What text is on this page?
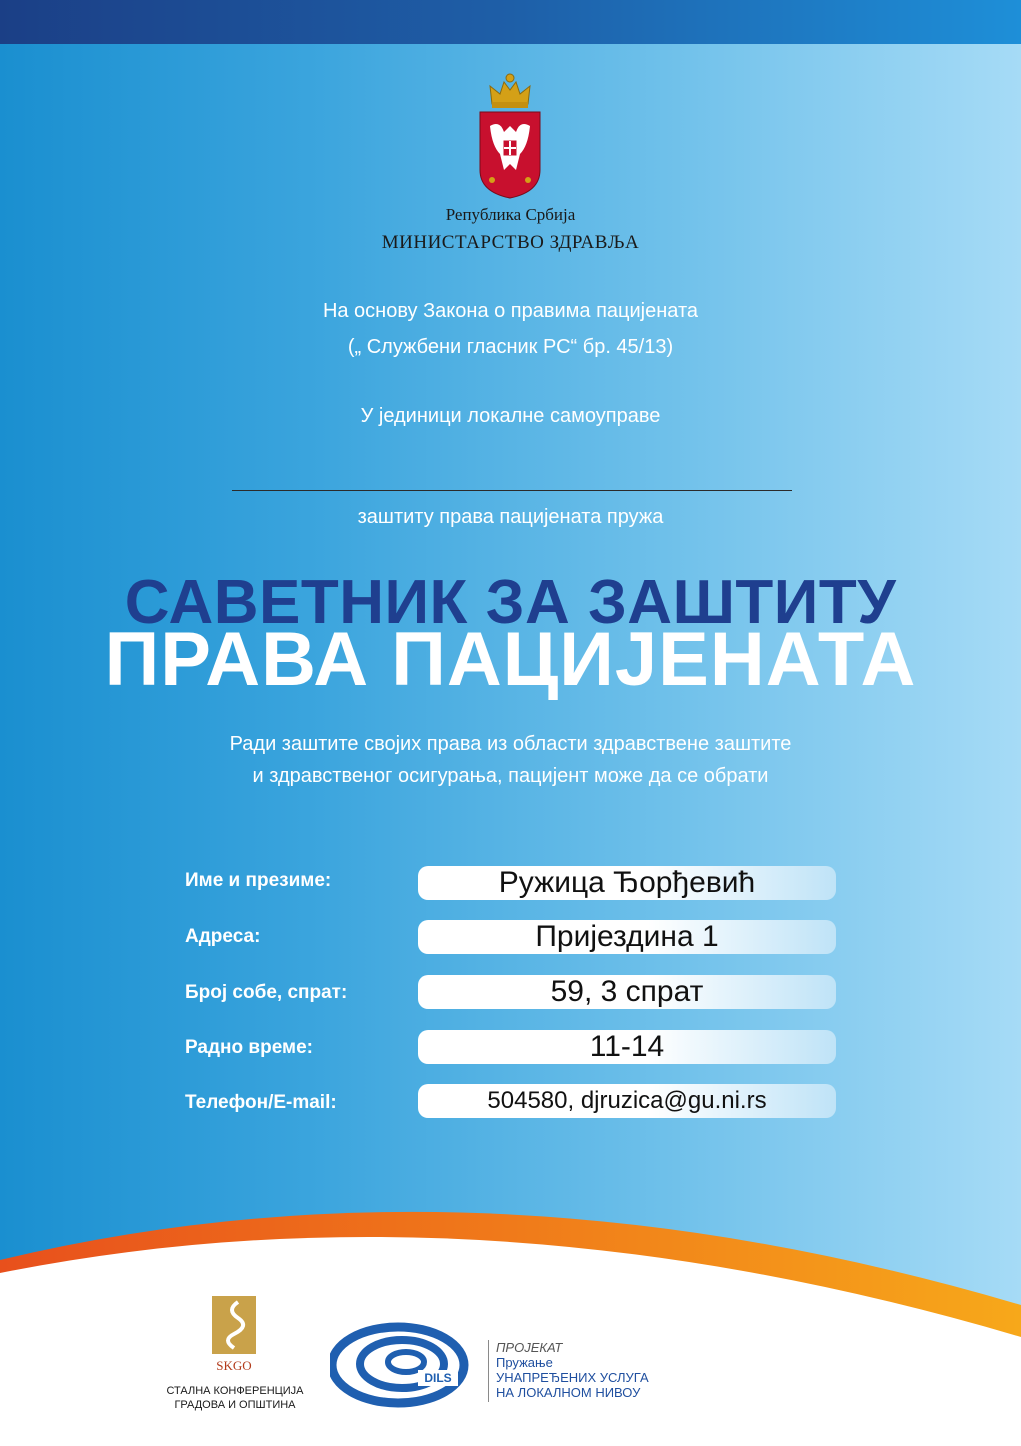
Република Србија
МИНИСТАРСТВО ЗДРАВЉА
На основу Закона о правима пацијената
(„ Службени гласник РС“ бр. 45/13)
У јединици локалне самоуправе
заштиту права пацијената пружа
САВЕТНИК ЗА ЗАШТИТУ
ПРАВА ПАЦИЈЕНАТА
Ради заштите својих права из области здравствене заштите
и здравственог осигурања, пацијент може да се обрати
Име и презиме:	Ружица Ђорђевић
Адреса:	Пријездина 1
Број собе, спрат:	59, 3 спрат
Радно време:	11-14
Телефон/E-mail:	504580, djruzica@gu.ni.rs
SKGO
СТАЛНА КОНФЕРЕНЦИЈА
ГРАДОВА И ОПШТИНА
DILS
ПРОЈЕКАТ
Пружање
УНАПРЕЂЕНИХ УСЛУГА
НА ЛОКАЛНОМ НИВОУ
